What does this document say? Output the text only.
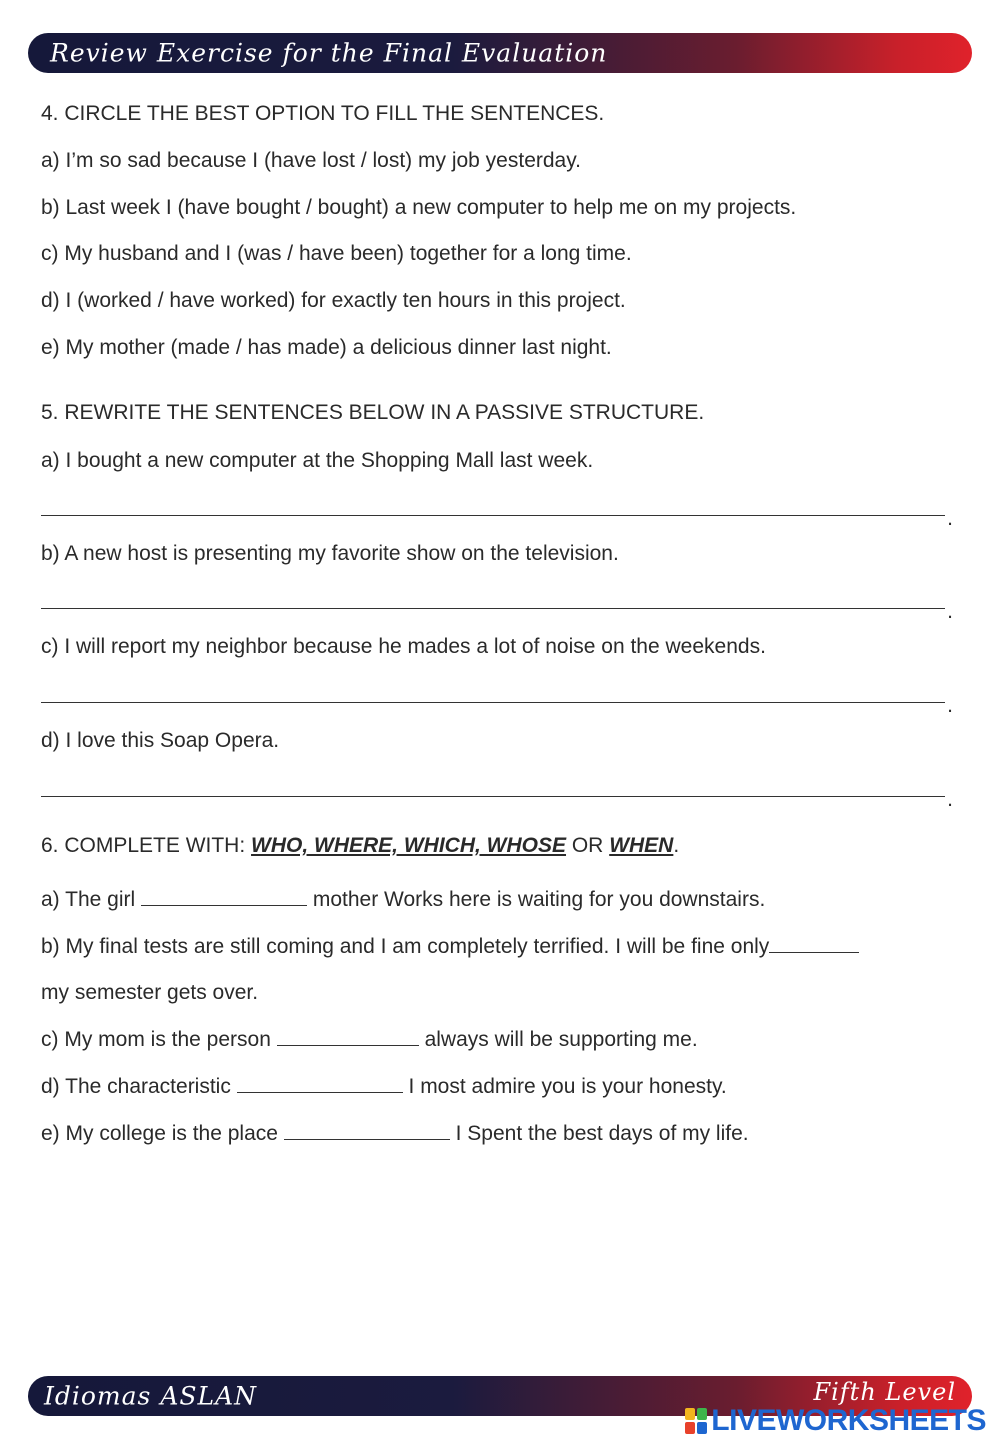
Review Exercise for the Final Evaluation
4. CIRCLE THE BEST OPTION TO FILL THE SENTENCES.
a) I’m so sad because I (have lost / lost) my job yesterday.
b) Last week I (have bought / bought) a new computer to help me on my projects.
c) My husband and I (was / have been) together for a long time.
d) I (worked / have worked) for exactly ten hours in this project.
e) My mother (made / has made) a delicious dinner last night.
5. REWRITE THE SENTENCES BELOW IN A PASSIVE STRUCTURE.
a) I bought a new computer at the Shopping Mall last week.
.
b) A new host is presenting my favorite show on the television.
.
c) I will report my neighbor because he mades a lot of noise on the weekends.
.
d) I love this Soap Opera.
.
6. COMPLETE WITH: WHO, WHERE, WHICH, WHOSE OR WHEN.
a) The girl	mother Works here is waiting for you downstairs.
b) My final tests are still coming and I am completely terrified. I will be fine only
my semester gets over.
c) My mom is the person	always will be supporting me.
d) The characteristic	I most admire you is your honesty.
e) My college is the place	I Spent the best days of my life.
Idiomas ASLAN	Fifth Level
LIVEWORKSHEETS
